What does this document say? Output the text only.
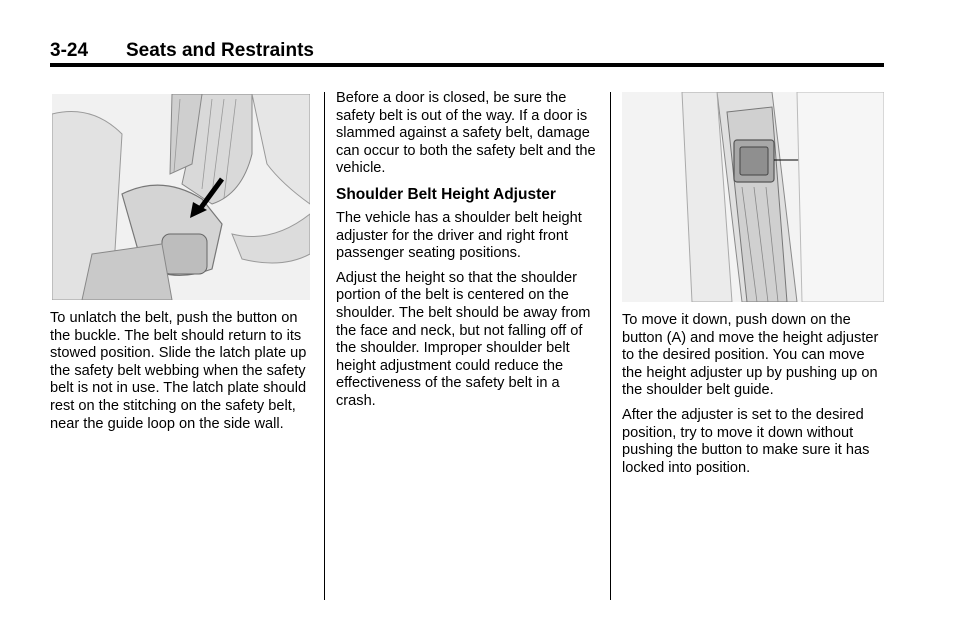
3-24 Seats and Restraints

To unlatch the belt, push the button on the buckle. The belt should return to its stowed position. Slide the latch plate up the safety belt webbing when the safety belt is not in use. The latch plate should rest on the stitching on the safety belt, near the guide loop on the side wall.

Before a door is closed, be sure the safety belt is out of the way. If a door is slammed against a safety belt, damage can occur to both the safety belt and the vehicle.

Shoulder Belt Height Adjuster

The vehicle has a shoulder belt height adjuster for the driver and right front passenger seating positions.

Adjust the height so that the shoulder portion of the belt is centered on the shoulder. The belt should be away from the face and neck, but not falling off of the shoulder. Improper shoulder belt height adjustment could reduce the effectiveness of the safety belt in a crash.

To move it down, push down on the button (A) and move the height adjuster to the desired position. You can move the height adjuster up by pushing up on the shoulder belt guide.

After the adjuster is set to the desired position, try to move it down without pushing the button to make sure it has locked into position.
